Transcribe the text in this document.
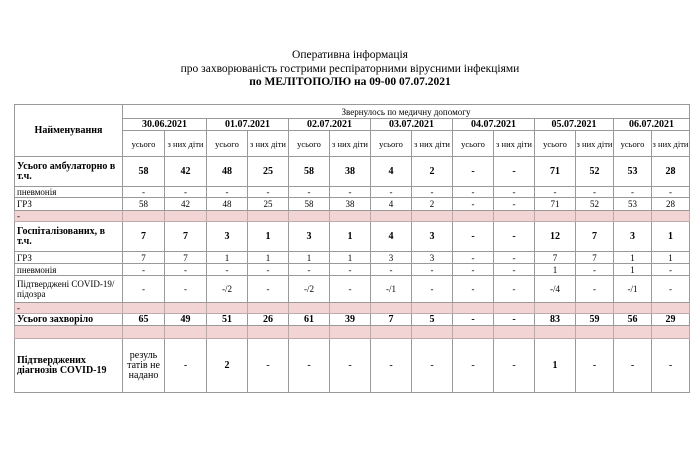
Оперативна інформація
про захворюваність гострими респіраторними вірусними інфекціями
по МЕЛІТОПОЛЮ на 09-00 07.07.2021
Найменування	Звернулось по медичну допомогу													
	30.06.2021		01.07.2021		02.07.2021		03.07.2021		04.07.2021		05.07.2021		06.07.2021	
	усього	з них діти	усього	з них діти	усього	з них діти	усього	з них діти	усього	з них діти	усього	з них діти	усього	з них діти
Усього амбулаторно в т.ч.	58	42	48	25	58	38	4	2	-	-	71	52	53	28
пневмонія	-	-	-	-	-	-	-	-	-	-	-	-	-	-
ГРЗ	58	42	48	25	58	38	4	2	-	-	71	52	53	28
-														
Госпіталізованих, в т.ч.	7	7	3	1	3	1	4	3	-	-	12	7	3	1
ГРЗ	7	7	1	1	1	1	3	3	-	-	7	7	1	1
пневмонія	-	-	-	-	-	-	-	-	-	-	1	-	1	-
Підтверджені COVID-19/підозра	-	-	-/2	-	-/2	-	-/1	-	-	-	-/4	-	-/1	-
-														
Усього захворіло	65	49	51	26	61	39	7	5	-	-	83	59	56	29

Підтверджених діагнозів COVID-19	резуль татів не надано	-	2	-	-	-	-	-	-	-	1	-	-	-
